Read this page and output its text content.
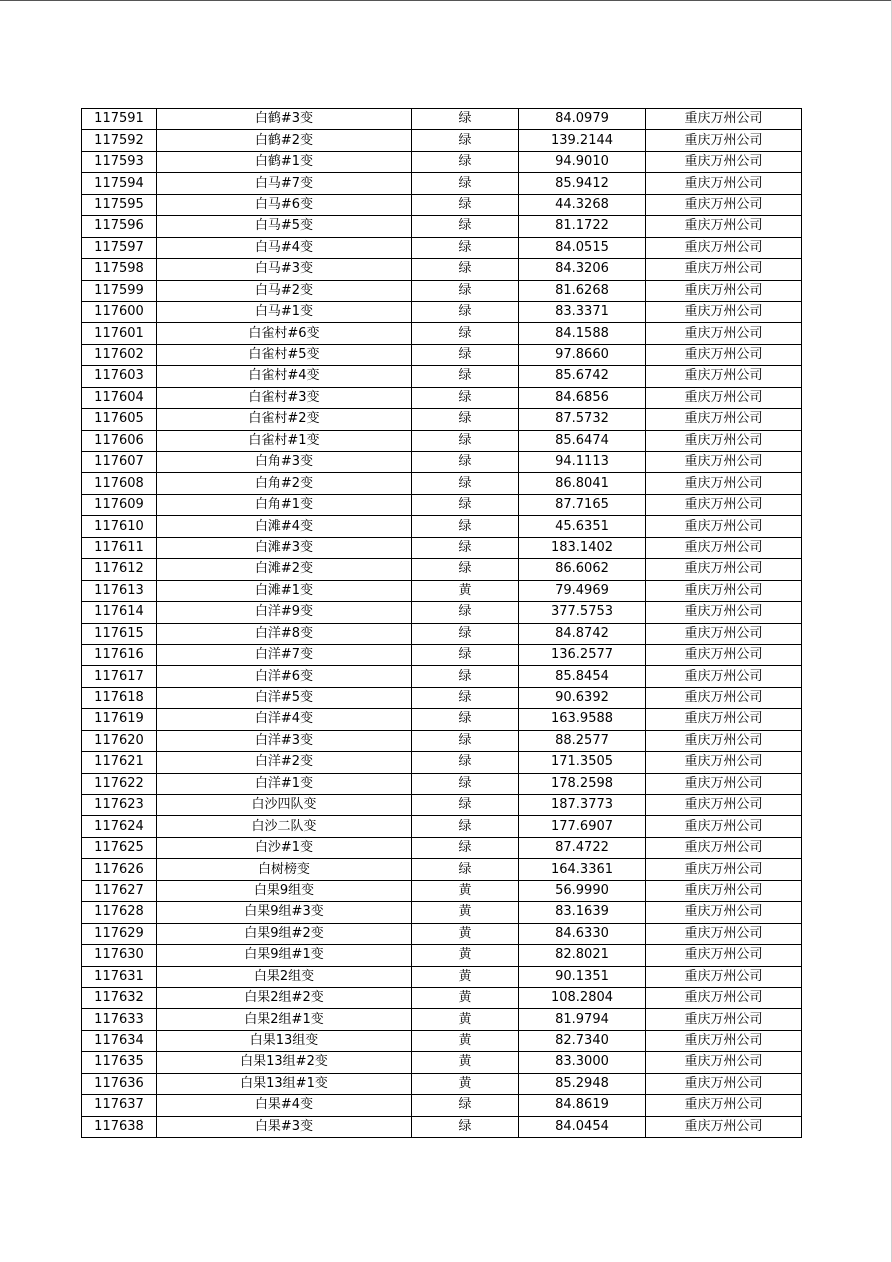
117591	白鹤#3变	绿	84.0979	重庆万州公司
117592	白鹤#2变	绿	139.2144	重庆万州公司
117593	白鹤#1变	绿	94.9010	重庆万州公司
117594	白马#7变	绿	85.9412	重庆万州公司
117595	白马#6变	绿	44.3268	重庆万州公司
117596	白马#5变	绿	81.1722	重庆万州公司
117597	白马#4变	绿	84.0515	重庆万州公司
117598	白马#3变	绿	84.3206	重庆万州公司
117599	白马#2变	绿	81.6268	重庆万州公司
117600	白马#1变	绿	83.3371	重庆万州公司
117601	白雀村#6变	绿	84.1588	重庆万州公司
117602	白雀村#5变	绿	97.8660	重庆万州公司
117603	白雀村#4变	绿	85.6742	重庆万州公司
117604	白雀村#3变	绿	84.6856	重庆万州公司
117605	白雀村#2变	绿	87.5732	重庆万州公司
117606	白雀村#1变	绿	85.6474	重庆万州公司
117607	白角#3变	绿	94.1113	重庆万州公司
117608	白角#2变	绿	86.8041	重庆万州公司
117609	白角#1变	绿	87.7165	重庆万州公司
117610	白滩#4变	绿	45.6351	重庆万州公司
117611	白滩#3变	绿	183.1402	重庆万州公司
117612	白滩#2变	绿	86.6062	重庆万州公司
117613	白滩#1变	黄	79.4969	重庆万州公司
117614	白洋#9变	绿	377.5753	重庆万州公司
117615	白洋#8变	绿	84.8742	重庆万州公司
117616	白洋#7变	绿	136.2577	重庆万州公司
117617	白洋#6变	绿	85.8454	重庆万州公司
117618	白洋#5变	绿	90.6392	重庆万州公司
117619	白洋#4变	绿	163.9588	重庆万州公司
117620	白洋#3变	绿	88.2577	重庆万州公司
117621	白洋#2变	绿	171.3505	重庆万州公司
117622	白洋#1变	绿	178.2598	重庆万州公司
117623	白沙四队变	绿	187.3773	重庆万州公司
117624	白沙二队变	绿	177.6907	重庆万州公司
117625	白沙#1变	绿	87.4722	重庆万州公司
117626	白树榜变	绿	164.3361	重庆万州公司
117627	白果9组变	黄	56.9990	重庆万州公司
117628	白果9组#3变	黄	83.1639	重庆万州公司
117629	白果9组#2变	黄	84.6330	重庆万州公司
117630	白果9组#1变	黄	82.8021	重庆万州公司
117631	白果2组变	黄	90.1351	重庆万州公司
117632	白果2组#2变	黄	108.2804	重庆万州公司
117633	白果2组#1变	黄	81.9794	重庆万州公司
117634	白果13组变	黄	82.7340	重庆万州公司
117635	白果13组#2变	黄	83.3000	重庆万州公司
117636	白果13组#1变	黄	85.2948	重庆万州公司
117637	白果#4变	绿	84.8619	重庆万州公司
117638	白果#3变	绿	84.0454	重庆万州公司
